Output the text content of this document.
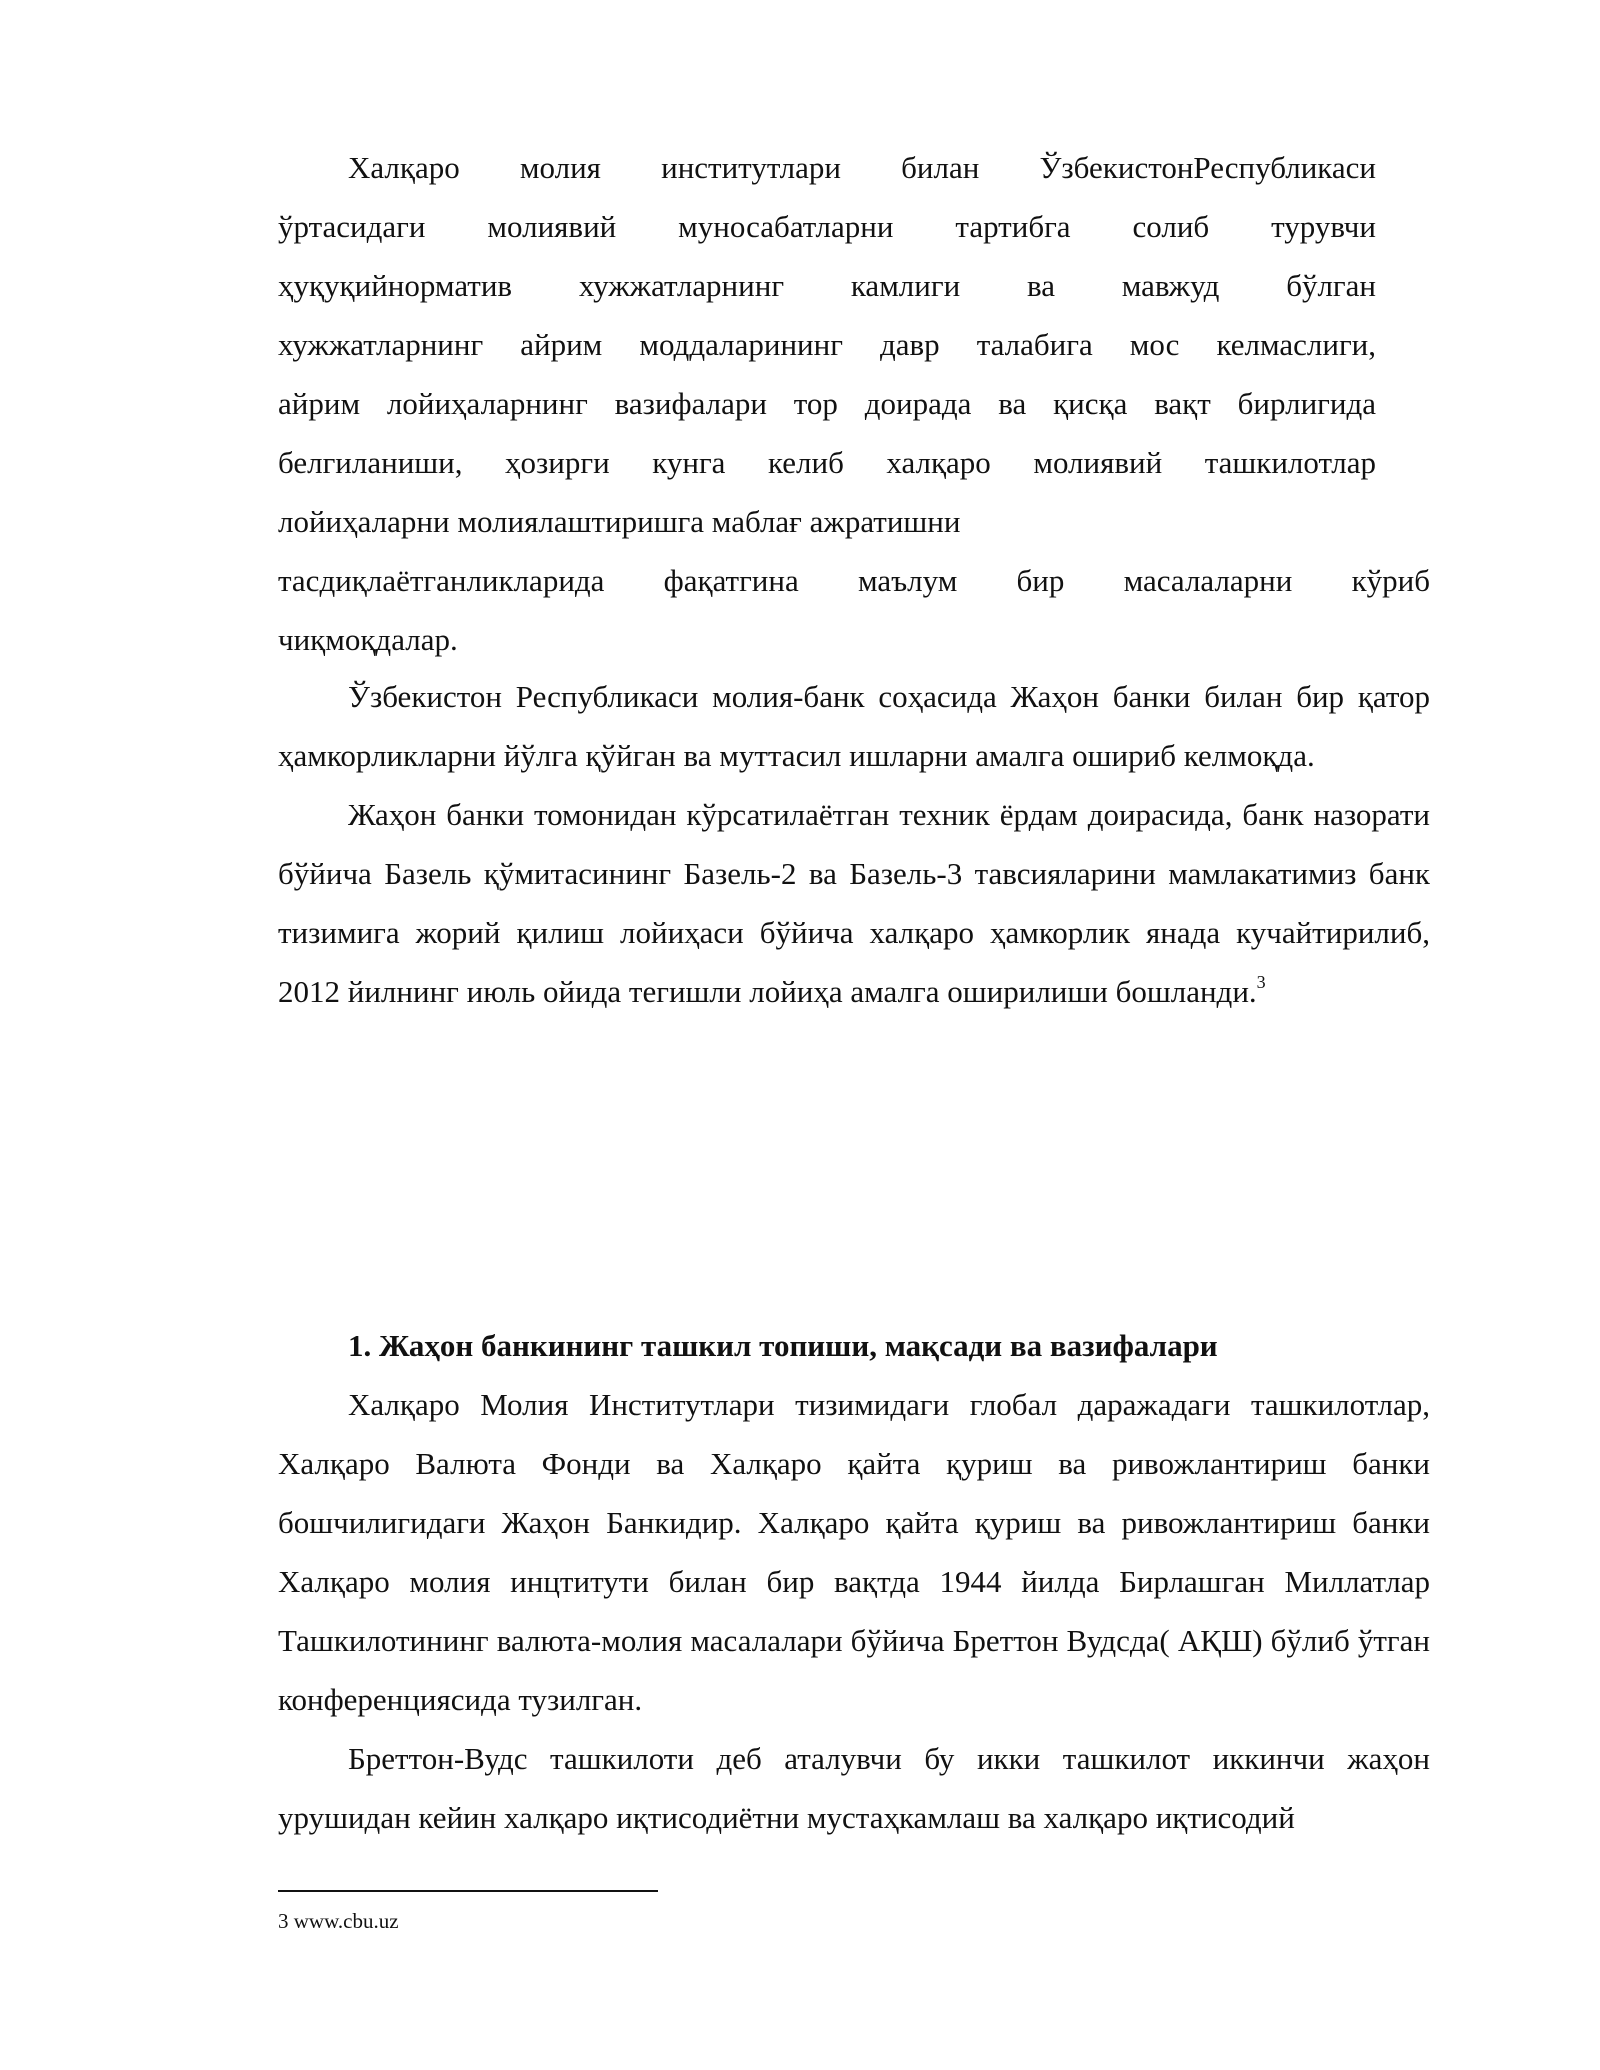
Халқаро молия институтлари билан ЎзбекистонРеспубликаси
ўртасидаги молиявий муносабатларни тартибга солиб турувчи
ҳуқуқийнорматив хужжатларнинг камлиги ва мавжуд бўлган
хужжатларнинг айрим моддаларининг давр талабига мос келмаслиги,
айрим лойиҳаларнинг вазифалари тор доирада ва қисқа вақт бирлигида
белгиланиши, ҳозирги кунга келиб халқаро молиявий ташкилотлар
лойиҳаларни молиялаштиришга маблағ ажратишни
тасдиқлаётганликларида фақатгина маълум бир масалаларни кўриб
чиқмоқдалар.

Ўзбекистон Республикаси молия-банк соҳасида Жаҳон банки билан бир қатор ҳамкорликларни йўлга қўйган ва муттасил ишларни амалга ошириб келмоқда.

Жаҳон банки томонидан кўрсатилаётган техник ёрдам доирасида, банк назорати бўйича Базель қўмитасининг Базель-2 ва Базель-3 тавсияларини мамлакатимиз банк тизимига жорий қилиш лойиҳаси бўйича халқаро ҳамкорлик янада кучайтирилиб, 2012 йилнинг июль ойида тегишли лойиҳа амалга оширилиши бошланди.$^3$

1. Жаҳон банкининг ташкил топиши, мақсади ва вазифалари

Халқаро Молия Институтлари тизимидаги глобал даражадаги ташкилотлар, Халқаро Валюта Фонди ва Халқаро қайта қуриш ва ривожлантириш банки бошчилигидаги Жаҳон Банкидир. Халқаро қайта қуриш ва ривожлантириш банки Халқаро молия инцтитути билан бир вақтда 1944 йилда Бирлашган Миллатлар Ташкилотининг валюта-молия масалалари бўйича Бреттон Вудсда( АҚШ) бўлиб ўтган конференциясида тузилган.

Бреттон-Вудс ташкилоти деб аталувчи бу икки ташкилот иккинчи жаҳон урушидан кейин халқаро иқтисодиётни мустаҳкамлаш ва халқаро иқтисодий

3 www.cbu.uz
